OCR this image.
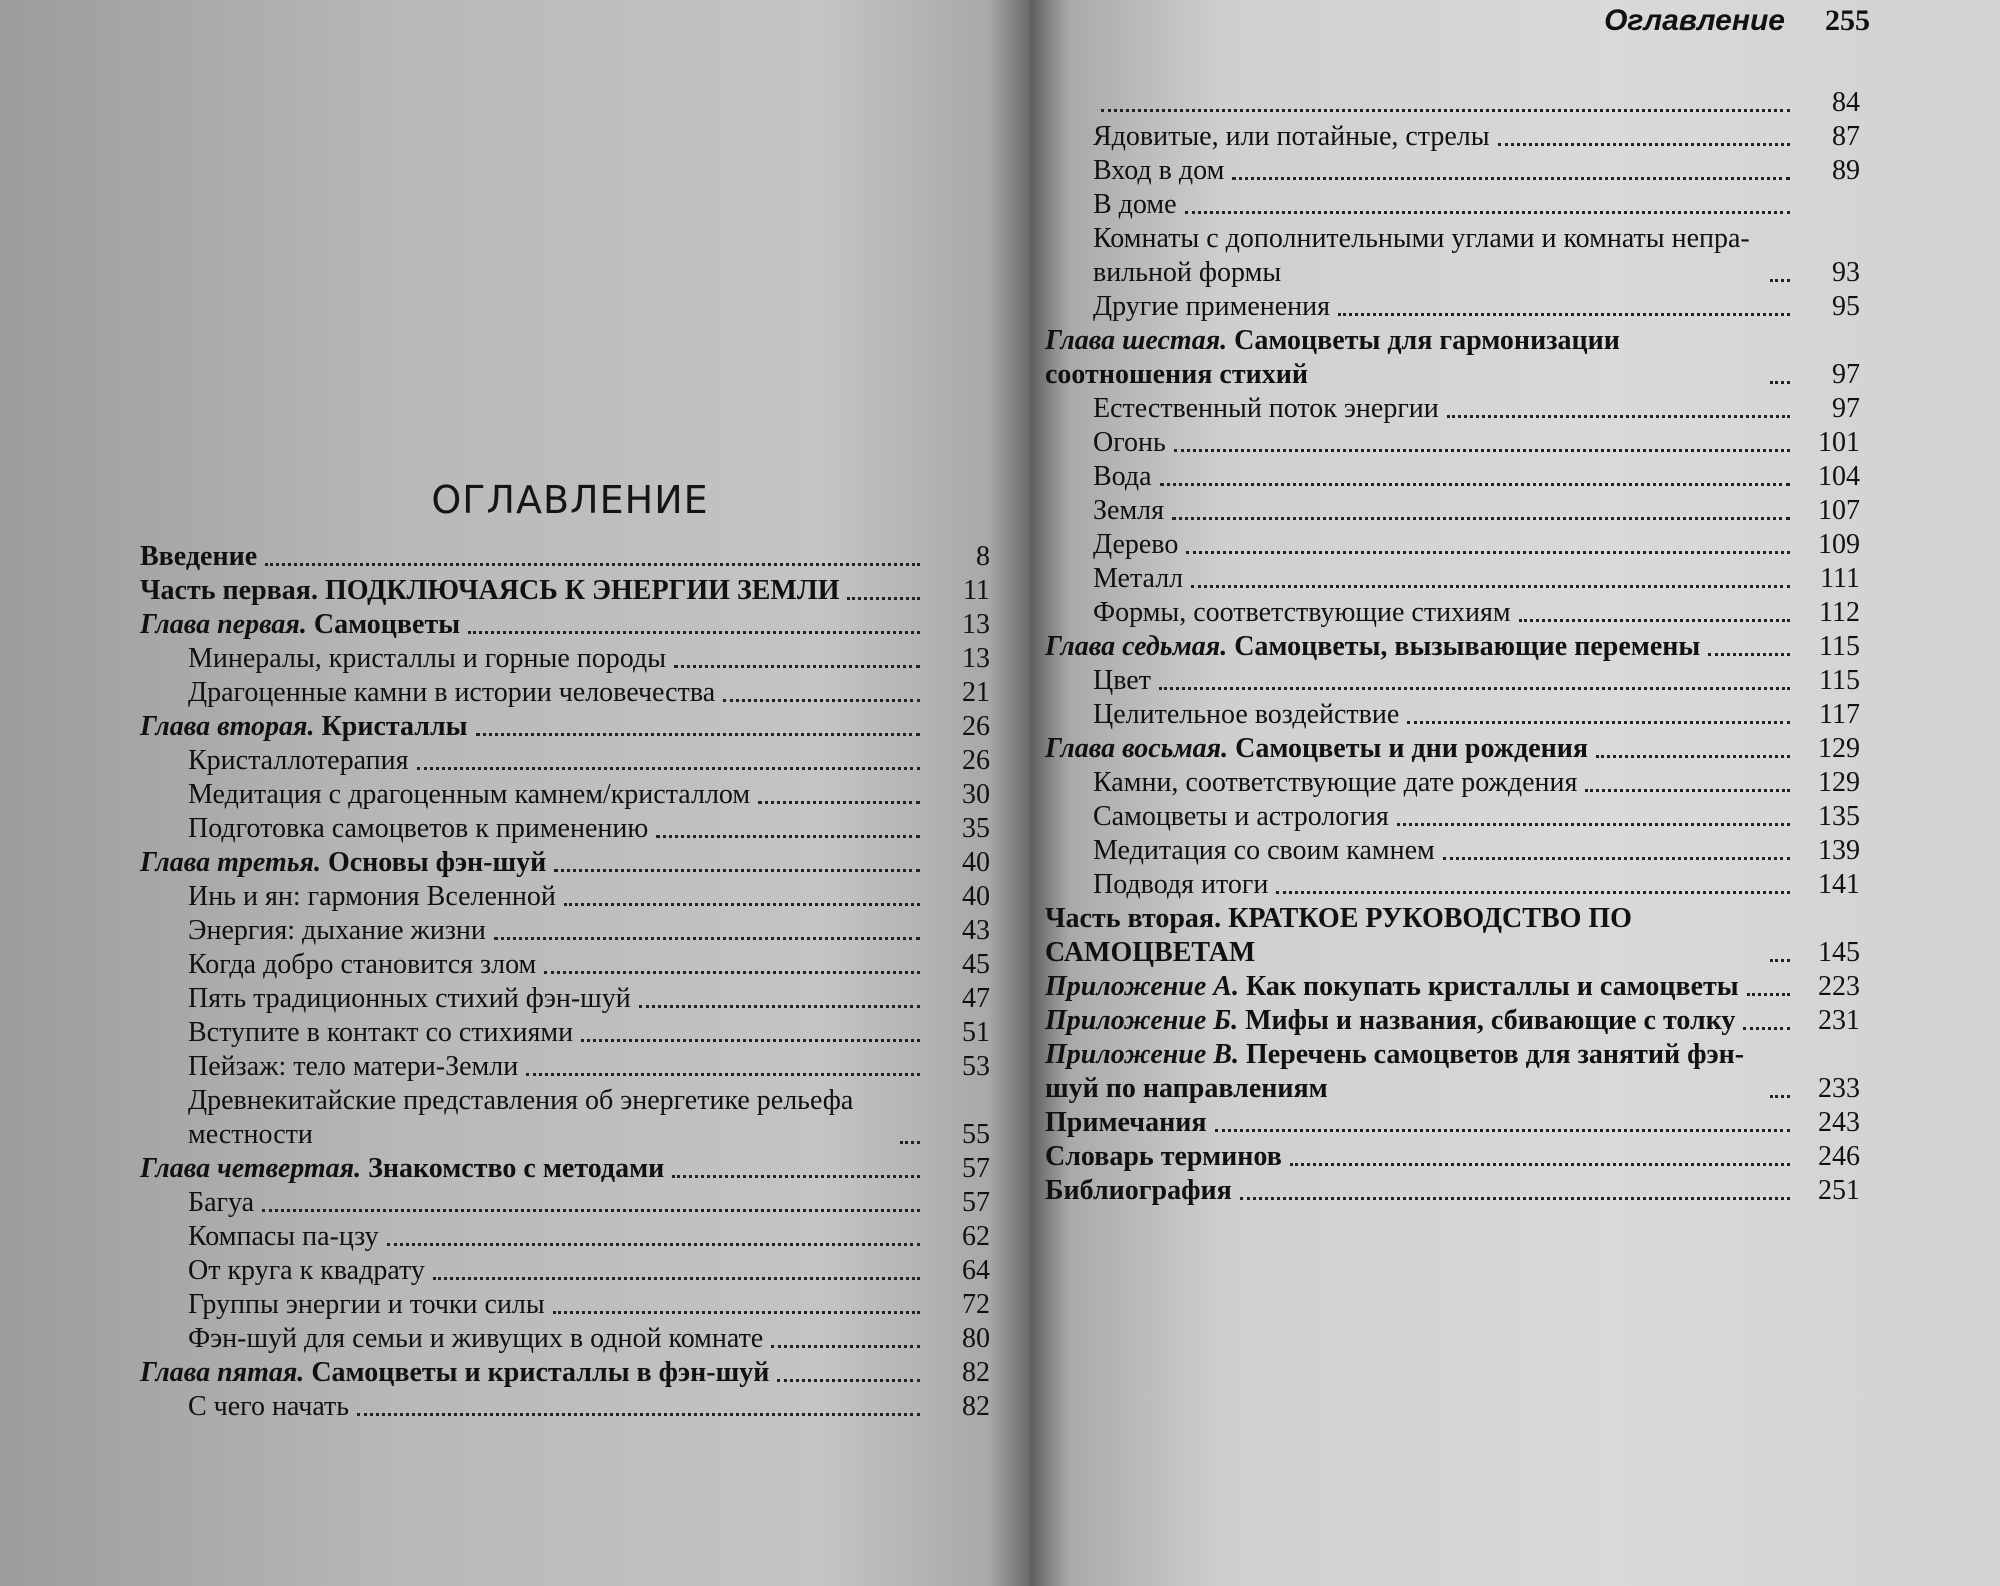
ОГЛАВЛЕНИЕ
Оглавление 255
Введение	8
Часть первая. ПОДКЛЮЧАЯСЬ К ЭНЕРГИИ ЗЕМЛИ	11
Глава первая. Самоцветы	13
Минералы, кристаллы и горные породы	13
Драгоценные камни в истории человечества	21
Глава вторая. Кристаллы	26
Кристаллотерапия	26
Медитация с драгоценным камнем/кристаллом	30
Подготовка самоцветов к применению	35
Глава третья. Основы фэн-шуй	40
Инь и ян: гармония Вселенной	40
Энергия: дыхание жизни	43
Когда добро становится злом	45
Пять традиционных стихий фэн-шуй	47
Вступите в контакт со стихиями	51
Пейзаж: тело матери-Земли	53
Древнекитайские представления об энергетике рельефа местности	55
Глава четвертая. Знакомство с методами	57
Багуа	57
Компасы па-цзу	62
От круга к квадрату	64
Группы энергии и точки силы	72
Фэн-шуй для семьи и живущих в одной комнате	80
Глава пятая. Самоцветы и кристаллы в фэн-шуй	82
С чего начать	82
84
Ядовитые, или потайные, стрелы	87
Вход в дом	89
В доме
Комнаты с дополнительными углами и комнаты непра-вильной формы	93
Другие применения	95
Глава шестая. Самоцветы для гармонизации соотношения стихий	97
Естественный поток энергии	97
Огонь	101
Вода	104
Земля	107
Дерево	109
Металл	111
Формы, соответствующие стихиям	112
Глава седьмая. Самоцветы, вызывающие перемены	115
Цвет	115
Целительное воздействие	117
Глава восьмая. Самоцветы и дни рождения	129
Камни, соответствующие дате рождения	129
Самоцветы и астрология	135
Медитация со своим камнем	139
Подводя итоги	141
Часть вторая. КРАТКОЕ РУКОВОДСТВО ПО САМОЦВЕТАМ	145
Приложение А. Как покупать кристаллы и самоцветы	223
Приложение Б. Мифы и названия, сбивающие с толку	231
Приложение В. Перечень самоцветов для занятий фэн-шуй по направлениям	233
Примечания	243
Словарь терминов	246
Библиография	251
